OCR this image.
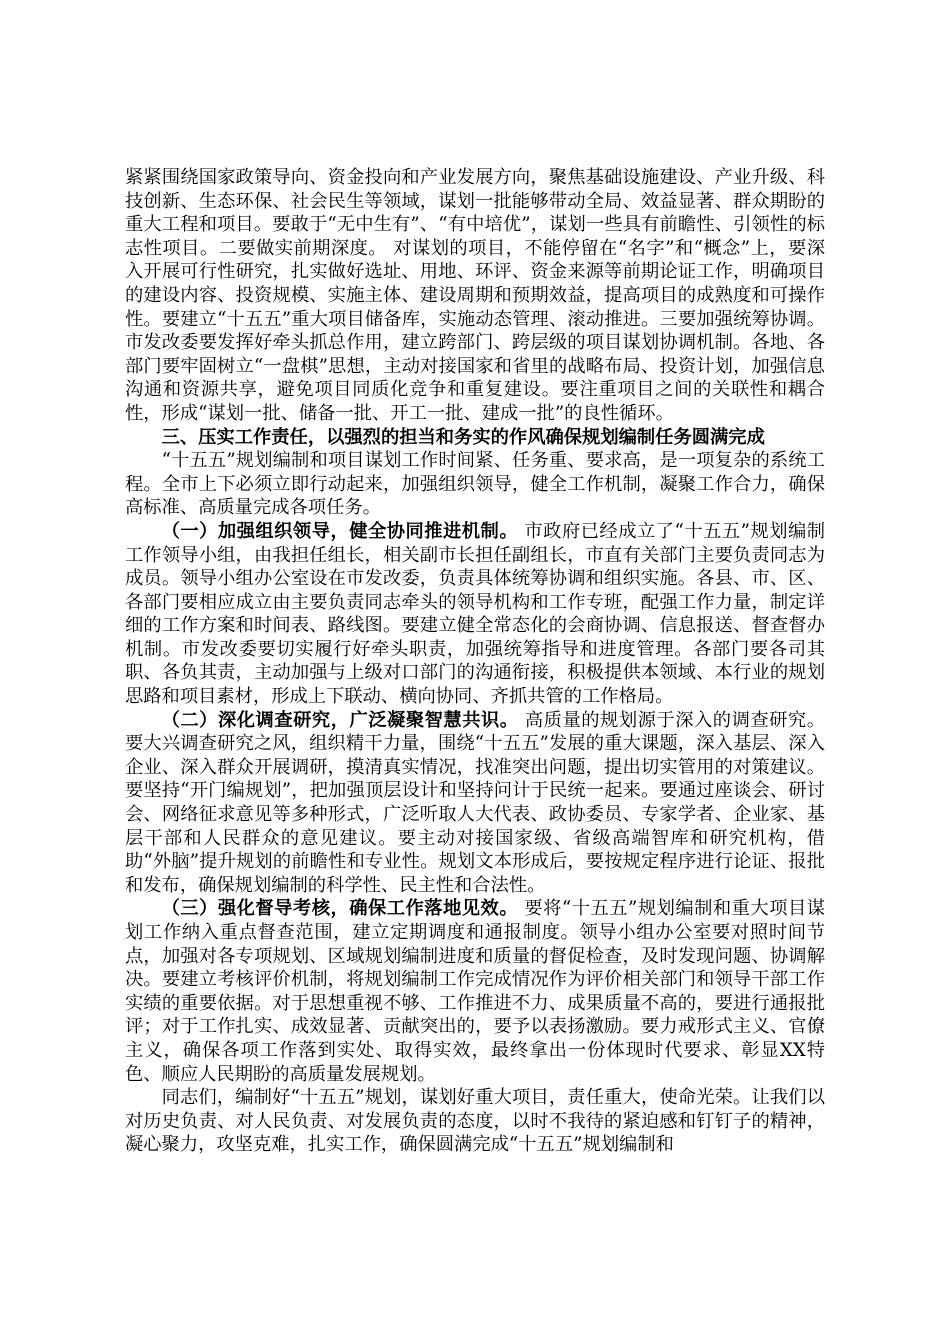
紧紧围绕国家政策导向、资金投向和产业发展方向，聚焦基础设施建设、产业升级、科技创新、生态环保、社会民生等领域，谋划一批能够带动全局、效益显著、群众期盼的重大工程和项目。要敢于“无中生有”、“有中培优”，谋划一些具有前瞻性、引领性的标志性项目。二要做实前期深度。 对谋划的项目，不能停留在“名字”和“概念”上，要深入开展可行性研究，扎实做好选址、用地、环评、资金来源等前期论证工作，明确项目的建设内容、投资规模、实施主体、建设周期和预期效益，提高项目的成熟度和可操作性。要建立“十五五”重大项目储备库，实施动态管理、滚动推进。三要加强统筹协调。 市发改委要发挥好牵头抓总作用，建立跨部门、跨层级的项目谋划协调机制。各地、各部门要牢固树立“一盘棋”思想，主动对接国家和省里的战略布局、投资计划，加强信息沟通和资源共享，避免项目同质化竞争和重复建设。要注重项目之间的关联性和耦合性，形成“谋划一批、储备一批、开工一批、建成一批”的良性循环。

三、压实工作责任，以强烈的担当和务实的作风确保规划编制任务圆满完成

“十五五”规划编制和项目谋划工作时间紧、任务重、要求高，是一项复杂的系统工程。全市上下必须立即行动起来，加强组织领导，健全工作机制，凝聚工作合力，确保高标准、高质量完成各项任务。

（一）加强组织领导，健全协同推进机制。 市政府已经成立了“十五五”规划编制工作领导小组，由我担任组长，相关副市长担任副组长，市直有关部门主要负责同志为成员。领导小组办公室设在市发改委，负责具体统筹协调和组织实施。各县、市、区、各部门要相应成立由主要负责同志牵头的领导机构和工作专班，配强工作力量，制定详细的工作方案和时间表、路线图。要建立健全常态化的会商协调、信息报送、督查督办机制。市发改委要切实履行好牵头职责，加强统筹指导和进度管理。各部门要各司其职、各负其责，主动加强与上级对口部门的沟通衔接，积极提供本领域、本行业的规划思路和项目素材，形成上下联动、横向协同、齐抓共管的工作格局。

（二）深化调查研究，广泛凝聚智慧共识。 高质量的规划源于深入的调查研究。要大兴调查研究之风，组织精干力量，围绕“十五五”发展的重大课题，深入基层、深入企业、深入群众开展调研，摸清真实情况，找准突出问题，提出切实管用的对策建议。要坚持“开门编规划”，把加强顶层设计和坚持问计于民统一起来。要通过座谈会、研讨会、网络征求意见等多种形式，广泛听取人大代表、政协委员、专家学者、企业家、基层干部和人民群众的意见建议。要主动对接国家级、省级高端智库和研究机构，借助“外脑”提升规划的前瞻性和专业性。规划文本形成后，要按规定程序进行论证、报批和发布，确保规划编制的科学性、民主性和合法性。

（三）强化督导考核，确保工作落地见效。 要将“十五五”规划编制和重大项目谋划工作纳入重点督查范围，建立定期调度和通报制度。领导小组办公室要对照时间节点，加强对各专项规划、区域规划编制进度和质量的督促检查，及时发现问题、协调解决。要建立考核评价机制，将规划编制工作完成情况作为评价相关部门和领导干部工作实绩的重要依据。对于思想重视不够、工作推进不力、成果质量不高的，要进行通报批评；对于工作扎实、成效显著、贡献突出的，要予以表扬激励。要力戒形式主义、官僚主义，确保各项工作落到实处、取得实效，最终拿出一份体现时代要求、彰显XX特色、顺应人民期盼的高质量发展规划。

同志们，编制好“十五五”规划，谋划好重大项目，责任重大，使命光荣。让我们以对历史负责、对人民负责、对发展负责的态度，以时不我待的紧迫感和钉钉子的精神，凝心聚力，攻坚克难，扎实工作，确保圆满完成“十五五”规划编制和
